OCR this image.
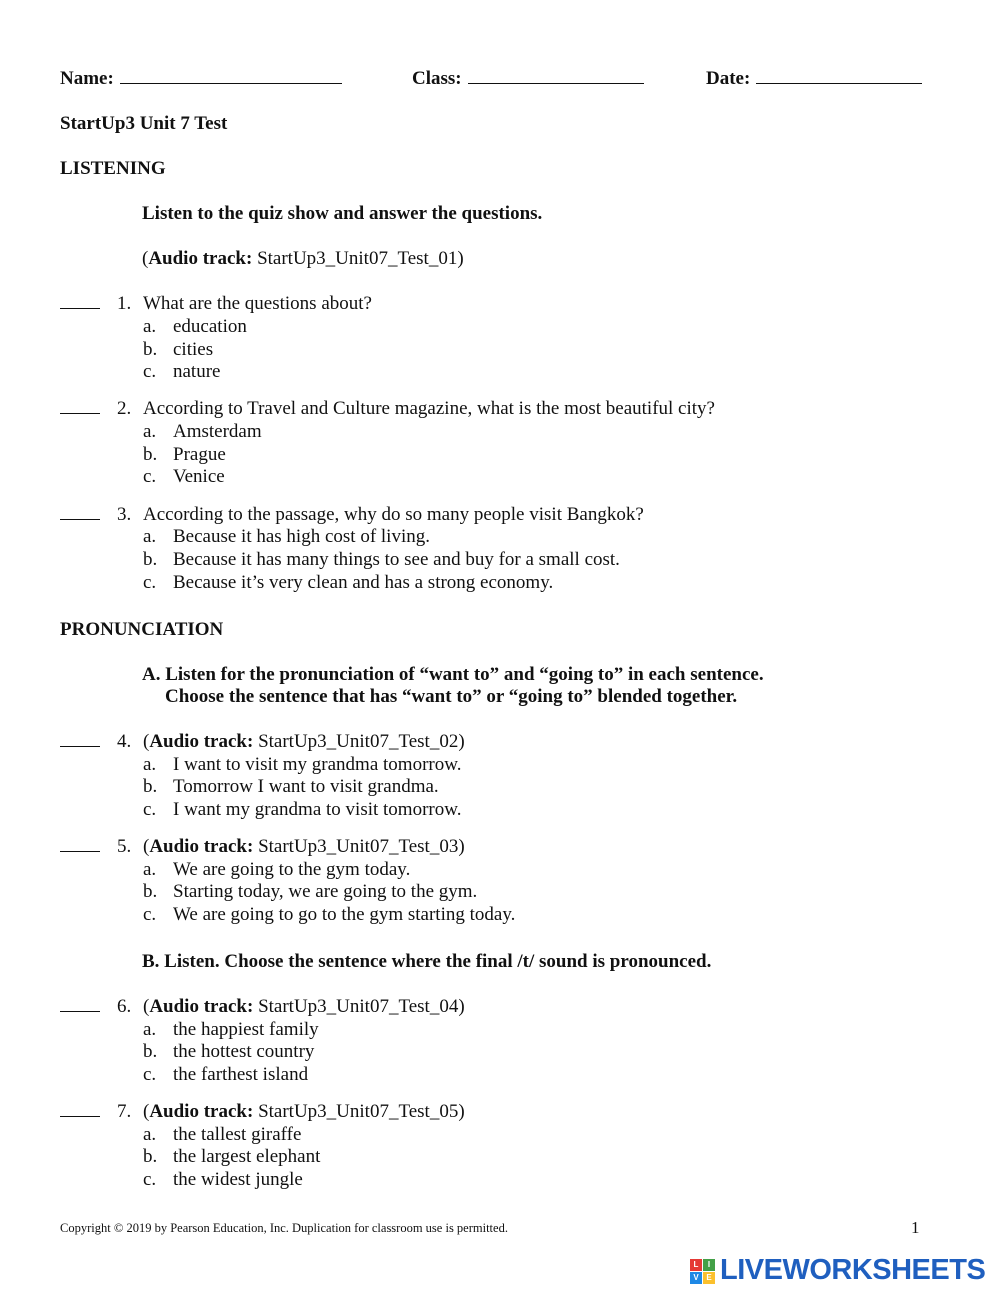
Name:	Class:	Date:
StartUp3 Unit 7 Test
LISTENING
Listen to the quiz show and answer the questions.
(Audio track: StartUp3_Unit07_Test_01)
1. What are the questions about?
a. education
b. cities
c. nature
2. According to Travel and Culture magazine, what is the most beautiful city?
a. Amsterdam
b. Prague
c. Venice
3. According to the passage, why do so many people visit Bangkok?
a. Because it has high cost of living.
b. Because it has many things to see and buy for a small cost.
c. Because it’s very clean and has a strong economy.
PRONUNCIATION
A. Listen for the pronunciation of “want to” and “going to” in each sentence.
Choose the sentence that has “want to” or “going to” blended together.
4. (Audio track: StartUp3_Unit07_Test_02)
a. I want to visit my grandma tomorrow.
b. Tomorrow I want to visit grandma.
c. I want my grandma to visit tomorrow.
5. (Audio track: StartUp3_Unit07_Test_03)
a. We are going to the gym today.
b. Starting today, we are going to the gym.
c. We are going to go to the gym starting today.
B. Listen. Choose the sentence where the final /t/ sound is pronounced.
6. (Audio track: StartUp3_Unit07_Test_04)
a. the happiest family
b. the hottest country
c. the farthest island
7. (Audio track: StartUp3_Unit07_Test_05)
a. the tallest giraffe
b. the largest elephant
c. the widest jungle
Copyright © 2019 by Pearson Education, Inc. Duplication for classroom use is permitted.	1
L	I
V E LIVEWORKSHEETS
